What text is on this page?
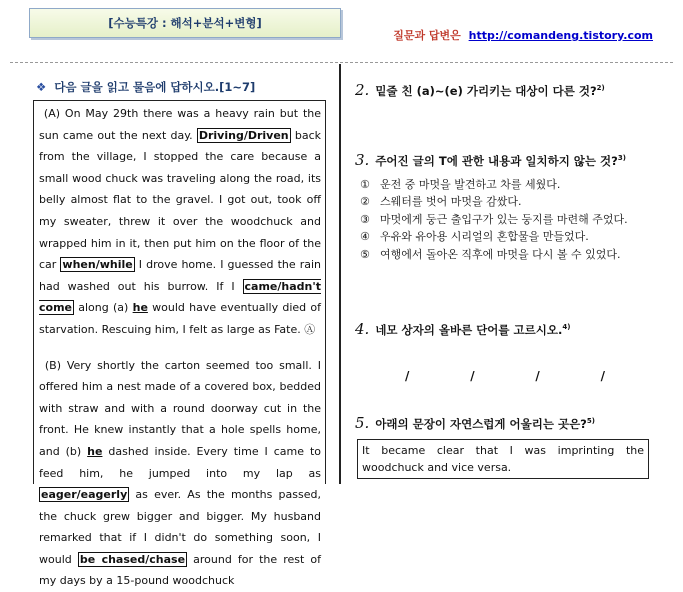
[수능특강 : 해석+분석+변형]
질문과 답변은 http://comandeng.tistory.com
❖ 다음 글을 읽고 물음에 답하시오.[1~7]

(A) On May 29th there was a heavy rain but the sun came out the next day. Driving/Driven back from the village, I stopped the care because a small wood chuck was traveling along the road, its belly almost flat to the gravel. I got out, took off my sweater, threw it over the woodchuck and wrapped him in it, then put him on the floor of the car when/while I drove home. I guessed the rain had washed out his burrow. If I came/hadn't come along (a) he would have eventually died of starvation. Rescuing him, I felt as large as Fate. Ⓐ

(B) Very shortly the carton seemed too small. I offered him a nest made of a covered box, bedded with straw and with a round doorway cut in the front. He knew instantly that a hole spells home, and (b) he dashed inside. Every time I came to feed him, he jumped into my lap as eager/eagerly as ever. As the months passed, the chuck grew bigger and bigger. My husband remarked that if I didn't do something soon, I would be chased/chase around for the rest of my days by a 15-pound woodchuck

2. 밑줄 친 (a)~(e) 가리키는 대상이 다른 것?$^{2)}$
3. 주어진 글의 T에 관한 내용과 일치하지 않는 것?$^{3)}$
① 운전 중 마멋을 발견하고 차를 세웠다.
② 스웨터를 벗어 마멋을 감쌌다.
③ 마멋에게 둥근 출입구가 있는 둥지를 마련해 주었다.
④ 우유와 유아용 시리얼의 혼합물을 만들었다.
⑤ 여행에서 돌아온 직후에 마멋을 다시 볼 수 있었다.
4. 네모 상자의 올바른 단어를 고르시오.$^{4)}$
/	/	/	/
5. 아래의 문장이 자연스럽게 어울리는 곳은?$^{5)}$
It became clear that I was imprinting the woodchuck and vice versa.
